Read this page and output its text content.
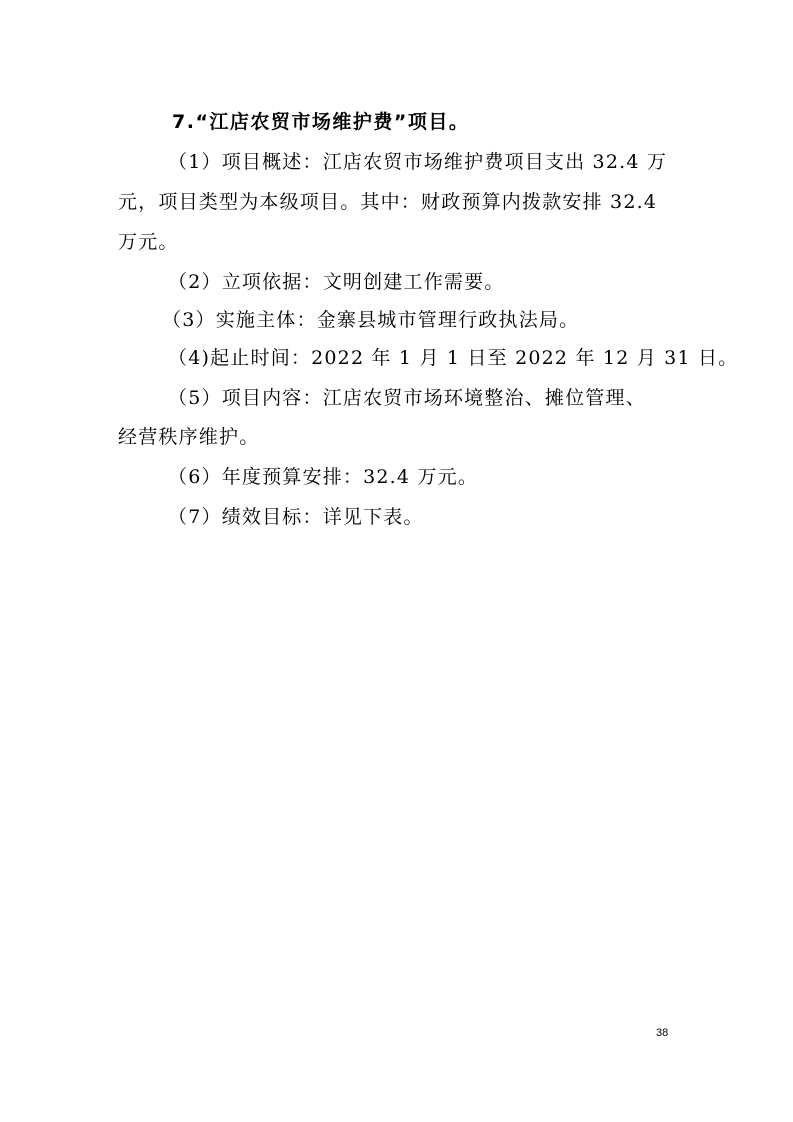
7.“江店农贸市场维护费”项目。
（1）项目概述：江店农贸市场维护费项目支出 32.4 万
元，项目类型为本级项目。其中：财政预算内拨款安排 32.4
万元。
（2）立项依据：文明创建工作需要。
（3）实施主体：金寨县城市管理行政执法局。
（4)起止时间：2022 年 1 月 1 日至 2022 年 12 月 31 日。
（5）项目内容：江店农贸市场环境整治、摊位管理、
经营秩序维护。
（6）年度预算安排：32.4 万元。
（7）绩效目标：详见下表。
38
